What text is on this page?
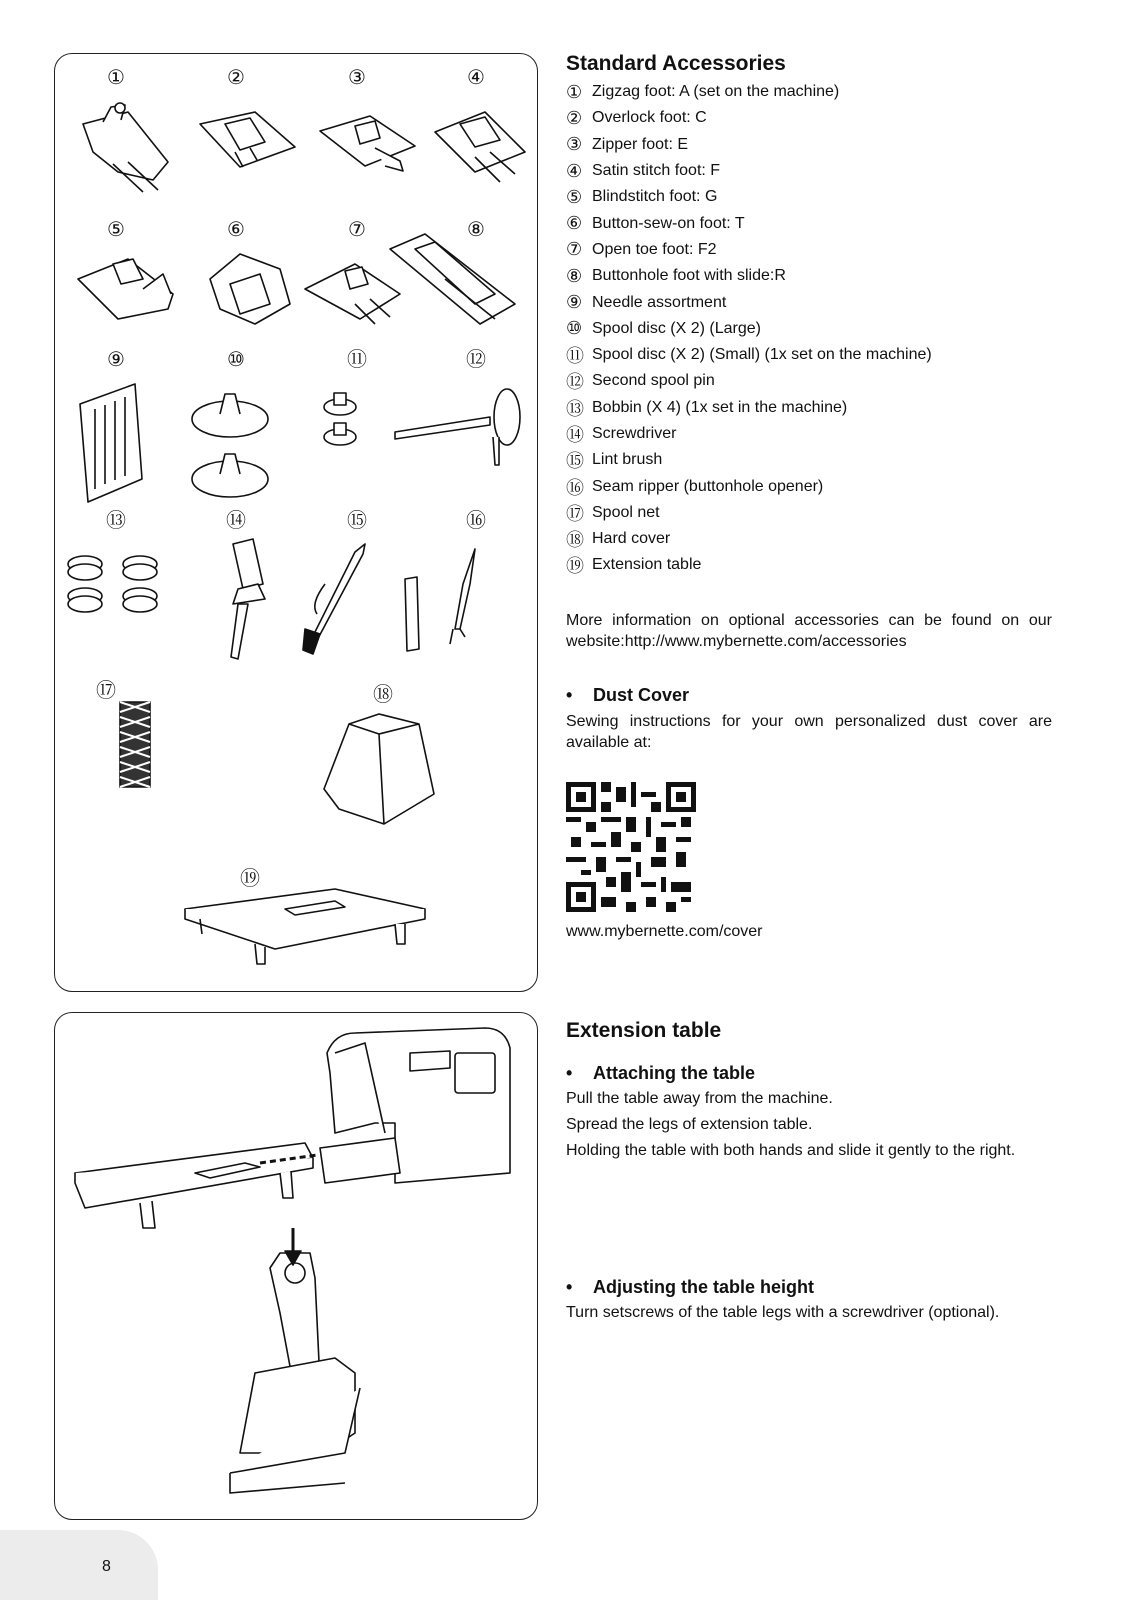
①	②	③	④
⑤	⑥	⑦	⑧
⑨	⑩	⑪	⑫
⑬	⑭	⑮	⑯
⑰	⑱
⑲
Standard Accessories
① Zigzag foot: A (set on the machine)
② Overlock foot: C
③ Zipper foot: E
④ Satin stitch foot: F
⑤ Blindstitch foot: G
⑥ Button-sew-on foot: T
⑦ Open toe foot: F2
⑧ Buttonhole foot with slide:R
⑨ Needle assortment
⑩ Spool disc (X 2) (Large)
⑪ Spool disc (X 2) (Small) (1x set on the machine)
⑫ Second spool pin
⑬ Bobbin (X 4) (1x set in the machine)
⑭ Screwdriver
⑮ Lint brush
⑯ Seam ripper (buttonhole opener)
⑰ Spool net
⑱ Hard cover
⑲ Extension table

More information on optional accessories can be found on our website:http://www.mybernette.com/accessories

• Dust Cover

Sewing instructions for your own personalized dust cover are available at:

www.mybernette.com/cover

Extension table

• Attaching the table

Pull the table away from the machine.
Spread the legs of extension table.
Holding the table with both hands and slide it gently to the right.

• Adjusting the table height

Turn setscrews of the table legs with a screwdriver (optional).
8
